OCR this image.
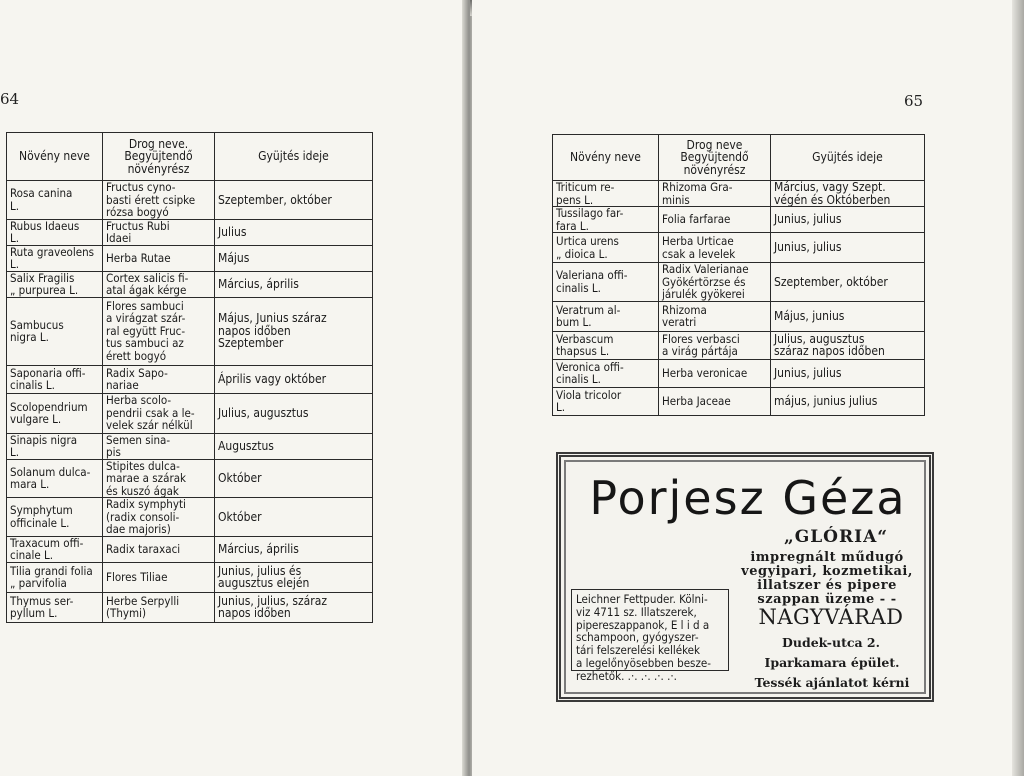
64
Növény neve	Drog neve.
Begyüjtendő
növényrész	Gyüjtés ideje
Rosa canina
L.	Fructus cyno-
basti érett csipke
rózsa bogyó	Szeptember, október
Rubus Idaeus
L.	Fructus Rubi
Idaei	Julius
Ruta graveolens
L.	Herba Rutae	Május
Salix Fragilis
„ purpurea L.	Cortex salicis fi-
atal ágak kérge	Március, április
Sambucus
nigra L.	Flores sambuci
a virágzat szár-
ral együtt Fruc-
tus sambuci az
érett bogyó	Május, Junius száraz
napos időben
Szeptember
Saponaria offi-
cinalis L.	Radix Sapo-
nariae	Április vagy október
Scolopendrium
vulgare L.	Herba scolo-
pendrii csak a le-
velek szár nélkül	Julius, augusztus
Sinapis nigra
L.	Semen sina-
pis	Augusztus
Solanum dulca-
mara L.	Stipites dulca-
marae a szárak
és kuszó ágak	Október
Symphytum
officinale L.	Radix symphyti
(radix consoli-
dae majoris)	Október
Traxacum offi-
cinale L.	Radix taraxaci	Március, április
Tilia grandi folia
„ parvifolia	Flores Tiliae	Junius, julius és
augusztus elején
Thymus ser-
pyllum L.	Herbe Serpylli
(Thymi)	Junius, julius, száraz
napos időben
65
Növény neve	Drog neve
Begyüjtendő
növényrész	Gyüjtés ideje
Triticum re-
pens L.	Rhizoma Gra-
minis	Március, vagy Szept.
végén és Októberben
Tussilago far-
fara L.	Folia farfarae	Junius, julius
Urtica urens
„ dioica L.	Herba Urticae
csak a levelek	Junius, julius
Valeriana offi-
cinalis L.	Radix Valerianae
Gyökértörzse és
járulék gyökerei	Szeptember, október
Veratrum al-
bum L.	Rhizoma
veratri	Május, junius
Verbascum
thapsus L.	Flores verbasci
a virág pártája	Julius, augusztus
száraz napos időben
Veronica offi-
cinalis L.	Herba veronicae	Junius, julius
Viola tricolor
L.	Herba Jaceae	május, junius julius
Porjesz Géza
„GLÓRIA“
impregnált műdugó
vegyipari, kozmetikai,
illatszer és pipere
szappan üzeme - -
Leichner Fettpuder. Kölni-
viz 4711 sz. Illatszerek,
pipereszappanok, E l i d a
schampoon, gyógyszer-
tári felszerelési kellékek
a legelőnyösebben besze-
rezhetők. .·. .·. .·. .·.
NAGYVÁRAD
Dudek-utca 2.
Iparkamara épület.
Tessék ajánlatot kérni
